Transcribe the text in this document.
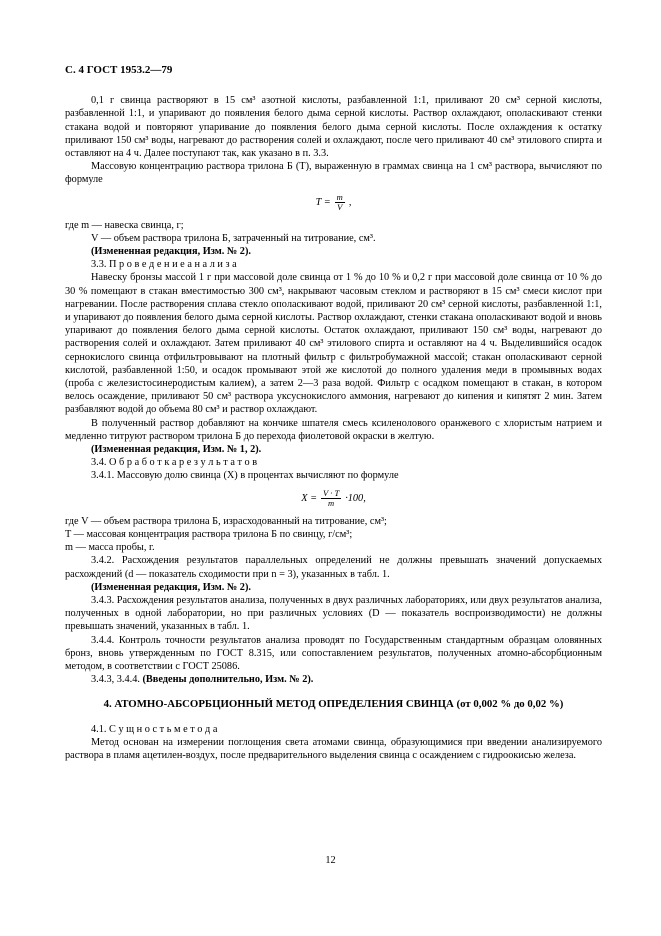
С. 4 ГОСТ 1953.2—79

0,1 г свинца растворяют в 15 см³ азотной кислоты, разбавленной 1:1, приливают 20 см³ серной кислоты, разбавленной 1:1, и упаривают до появления белого дыма серной кислоты. Раствор охлаждают, ополаскивают стенки стакана водой и повторяют упаривание до появления белого дыма серной кислоты. После охлаждения к остатку приливают 150 см³ воды, нагревают до растворения солей и охлаждают, после чего приливают 40 см³ этилового спирта и оставляют на 4 ч. Далее поступают так, как указано в п. 3.3.

Массовую концентрацию раствора трилона Б (T), выраженную в граммах свинца на 1 см³ раствора, вычисляют по формуле

$T = \frac{m}{V}$ ,

где m — навеска свинца, г;

V — объем раствора трилона Б, затраченный на титрование, см³.

(Измененная редакция, Изм. № 2).

3.3. П р о в е д е н и е а н а л и з а

Навеску бронзы массой 1 г при массовой доле свинца от 1 % до 10 % и 0,2 г при массовой доле свинца от 10 % до 30 % помещают в стакан вместимостью 300 см³, накрывают часовым стеклом и растворяют в 15 см³ смеси кислот при нагревании. После растворения сплава стекло ополаскивают водой, приливают 20 см³ серной кислоты, разбавленной 1:1, и упаривают до появления белого дыма серной кислоты. Раствор охлаждают, стенки стакана ополаскивают водой и вновь упаривают до появления белого дыма серной кислоты. Остаток охлаждают, приливают 150 см³ воды, нагревают до растворения солей и охлаждают. Затем приливают 40 см³ этилового спирта и оставляют на 4 ч. Выделившийся осадок сернокислого свинца отфильтровывают на плотный фильтр с фильтробумажной массой; стакан ополаскивают серной кислотой, разбавленной 1:50, и осадок промывают этой же кислотой до полного удаления меди в промывных водах (проба с железистосинеродистым калием), а затем 2—3 раза водой. Фильтр с осадком помещают в стакан, в котором велось осаждение, приливают 50 см³ раствора уксуснокислого аммония, нагревают до кипения и кипятят 2 мин. Затем разбавляют водой до объема 80 см³ и раствор охлаждают.

В полученный раствор добавляют на кончике шпателя смесь ксиленолового оранжевого с хлористым натрием и медленно титруют раствором трилона Б до перехода фиолетовой окраски в желтую.

(Измененная редакция, Изм. № 1, 2).

3.4. О б р а б о т к а р е з у л ь т а т о в

3.4.1. Массовую долю свинца (X) в процентах вычисляют по формуле

$X = \frac{V \cdot T}{m} \cdot 100$,

где V — объем раствора трилона Б, израсходованный на титрование, см³;

T — массовая концентрация раствора трилона Б по свинцу, г/см³;

m — масса пробы, г.

3.4.2. Расхождения результатов параллельных определений не должны превышать значений допускаемых расхождений (d — показатель сходимости при n = 3), указанных в табл. 1.

(Измененная редакция, Изм. № 2).

3.4.3. Расхождения результатов анализа, полученных в двух различных лабораториях, или двух результатов анализа, полученных в одной лаборатории, но при различных условиях (D — показатель воспроизводимости) не должны превышать значений, указанных в табл. 1.

3.4.4. Контроль точности результатов анализа проводят по Государственным стандартным образцам оловянных бронз, вновь утвержденным по ГОСТ 8.315, или сопоставлением результатов, полученных атомно-абсорбционным методом, в соответствии с ГОСТ 25086.

3.4.3, 3.4.4. (Введены дополнительно, Изм. № 2).

4. АТОМНО-АБСОРБЦИОННЫЙ МЕТОД ОПРЕДЕЛЕНИЯ СВИНЦА (от 0,002 % до 0,02 %)

4.1. С у щ н о с т ь м е т о д а

Метод основан на измерении поглощения света атомами свинца, образующимися при введении анализируемого раствора в пламя ацетилен-воздух, после предварительного выделения свинца с осаждением с гидроокисью железа.

12
